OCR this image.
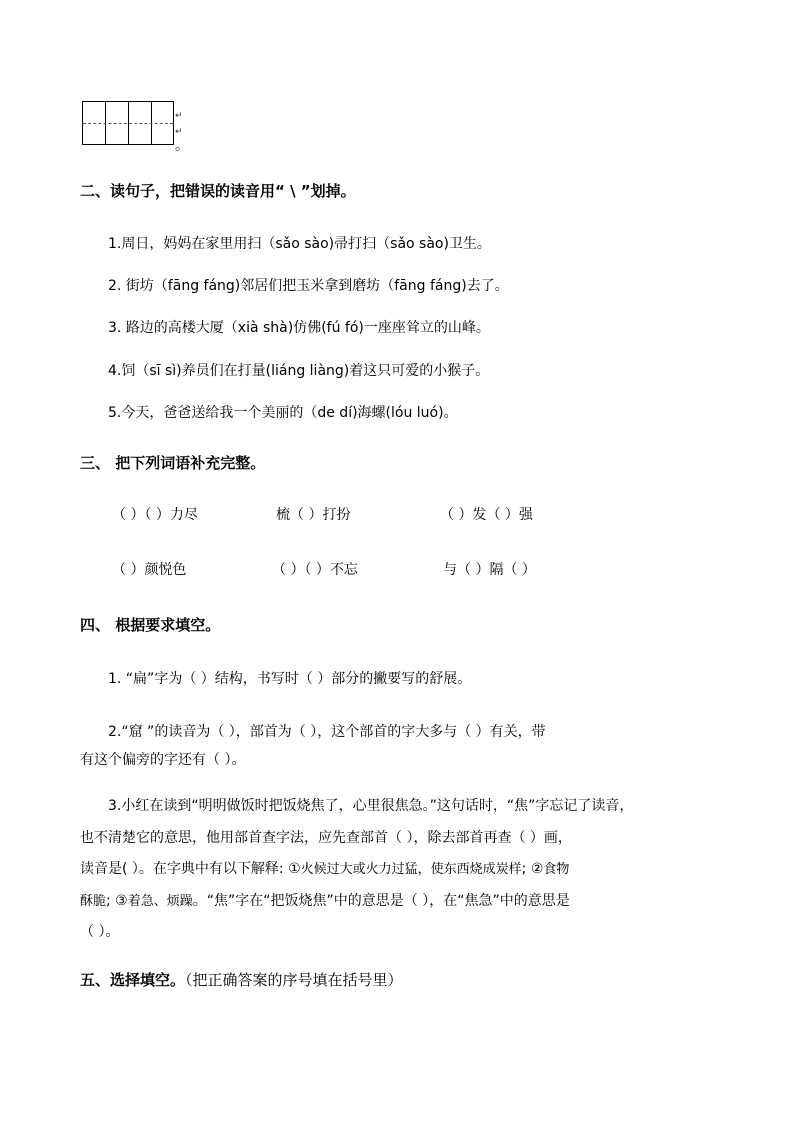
↵
↵
。
二、读句子，把错误的读音用“ \ ”划掉。
1.周日，妈妈在家里用扫（sǎo sào)帚打扫（sǎo sào)卫生。
2. 街坊（fāng fáng)邻居们把玉米拿到磨坊（fāng fáng)去了。
3. 路边的高楼大厦（xià shà)仿佛(fú fó)一座座耸立的山峰。
4.饲（sī sì)养员们在打量(liáng liàng)着这只可爱的小猴子。
5.今天，爸爸送给我一个美丽的（de dí)海螺(lóu luó)。
三、 把下列词语补充完整。
（ ）（ ）力尽	梳（ ）打扮	（ ）发（ ）强
（ ）颜悦色	（ ）（ ）不忘	与（ ）隔（ ）
四、 根据要求填空。
1. “扁”字为（ ）结构，书写时（ ）部分的撇要写的舒展。
2.“窟 ”的读音为（ ），部首为（ ），这个部首的字大多与（ ）有关，带
有这个偏旁的字还有（ ）。
3.小红在读到“明明做饭时把饭烧焦了，心里很焦急。”这句话时，“焦”字忘记了读音，
也不清楚它的意思，他用部首查字法，应先查部首（ ），除去部首再查（ ）画，
读音是( ）。在字典中有以下解释: ①火候过大或火力过猛，使东西烧成炭样; ②食物
酥脆; ③着急、烦躁。“焦”字在“把饭烧焦”中的意思是（ ），在“焦急”中的意思是
（ ）。
五、选择填空。（把正确答案的序号填在括号里）
